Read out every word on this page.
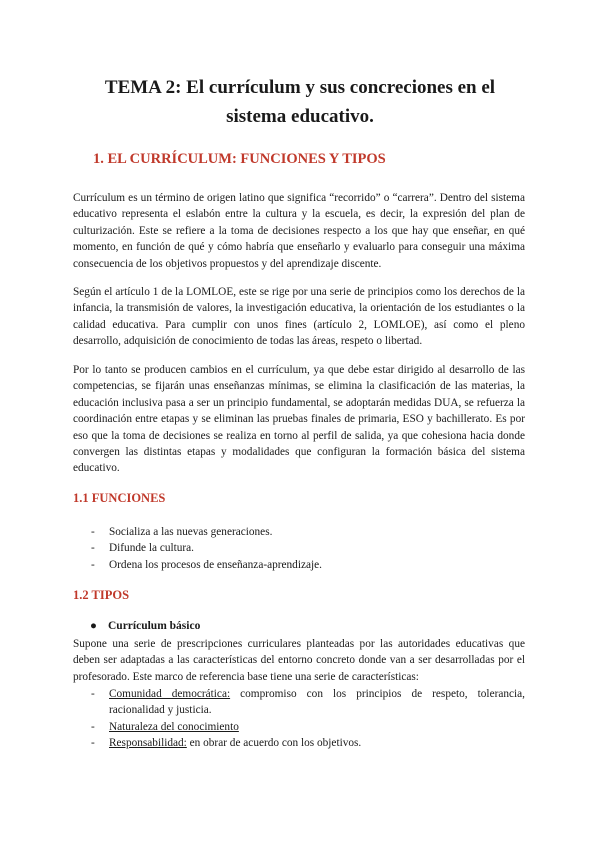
TEMA 2: El currículum y sus concreciones en el
sistema educativo.
1. EL CURRÍCULUM: FUNCIONES Y TIPOS

Currículum es un término de origen latino que significa “recorrido” o “carrera”. Dentro del sistema educativo representa el eslabón entre la cultura y la escuela, es decir, la expresión del plan de culturización. Este se refiere a la toma de decisiones respecto a los que hay que enseñar, en qué momento, en función de qué y cómo habría que enseñarlo y evaluarlo para conseguir una máxima consecuencia de los objetivos propuestos y del aprendizaje discente.

Según el artículo 1 de la LOMLOE, este se rige por una serie de principios como los derechos de la infancia, la transmisión de valores, la investigación educativa, la orientación de los estudiantes o la calidad educativa. Para cumplir con unos fines (artículo 2, LOMLOE), así como el pleno desarrollo, adquisición de conocimiento de todas las áreas, respeto o libertad.

Por lo tanto se producen cambios en el currículum, ya que debe estar dirigido al desarrollo de las competencias, se fijarán unas enseñanzas mínimas, se elimina la clasificación de las materias, la educación inclusiva pasa a ser un principio fundamental, se adoptarán medidas DUA, se refuerza la coordinación entre etapas y se eliminan las pruebas finales de primaria, ESO y bachillerato. Es por eso que la toma de decisiones se realiza en torno al perfil de salida, ya que cohesiona hacia donde convergen las distintas etapas y modalidades que configuran la formación básica del sistema educativo.

1.1 FUNCIONES
- Socializa a las nuevas generaciones.
- Difunde la cultura.
- Ordena los procesos de enseñanza-aprendizaje.
1.2 TIPOS
● Currículum básico

Supone una serie de prescripciones curriculares planteadas por las autoridades educativas que deben ser adaptadas a las características del entorno concreto donde van a ser desarrolladas por el profesorado. Este marco de referencia base tiene una serie de características:

- Comunidad democrática: compromiso con los principios de respeto, tolerancia, racionalidad y justicia.
- Naturaleza del conocimiento
- Responsabilidad: en obrar de acuerdo con los objetivos.
